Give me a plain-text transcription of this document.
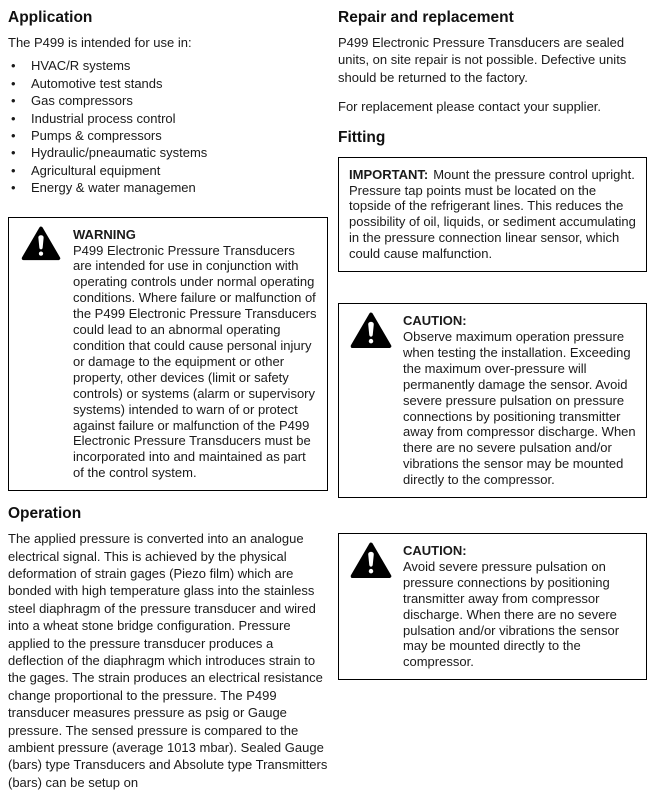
Application

The P499 is intended for use in:

• HVAC/R systems
• Automotive test stands
• Gas compressors
• Industrial process control
• Pumps & compressors
• Hydraulic/pneaumatic systems
• Agricultural equipment
• Energy & water managemen
WARNING
P499 Electronic Pressure Transducers are intended for use in conjunction with operating controls under normal operating conditions. Where failure or malfunction of the P499 Electronic Pressure Transducers could lead to an abnormal operating condition that could cause personal injury or damage to the equipment or other property, other devices (limit or safety controls) or systems (alarm or supervisory systems) intended to warn of or protect against failure or malfunction of the P499 Electronic Pressure Transducers must be incorporated into and maintained as part of the control system.
Operation

The applied pressure is converted into an analogue electrical signal. This is achieved by the physical deformation of strain gages (Piezo film) which are bonded with high temperature glass into the stainless steel diaphragm of the pressure transducer and wired into a wheat stone bridge configuration. Pressure applied to the pressure transducer produces a deflection of the diaphragm which introduces strain to the gages. The strain produces an electrical resistance change proportional to the pressure. The P499 transducer measures pressure as psig or Gauge pressure. The sensed pressure is compared to the ambient pressure (average 1013 mbar). Sealed Gauge (bars) type Transducers and Absolute type Transmitters (bars) can be setup on

Repair and replacement

P499 Electronic Pressure Transducers are sealed units, on site repair is not possible. Defective units should be returned to the factory.

For replacement please contact your supplier.

Fitting
IMPORTANT: Mount the pressure control upright. Pressure tap points must be located on the topside of the refrigerant lines. This reduces the possibility of oil, liquids, or sediment accumulating in the pressure connection linear sensor, which could cause malfunction.
CAUTION:
Observe maximum operation pressure when testing the installation. Exceeding the maximum over-pressure will permanently damage the sensor. Avoid severe pressure pulsation on pressure connections by positioning transmitter away from compressor discharge. When there are no severe pulsation and/or vibrations the sensor may be mounted directly to the compressor.
CAUTION:
Avoid severe pressure pulsation on pressure connections by positioning transmitter away from compressor discharge. When there are no severe pulsation and/or vibrations the sensor may be mounted directly to the compressor.
